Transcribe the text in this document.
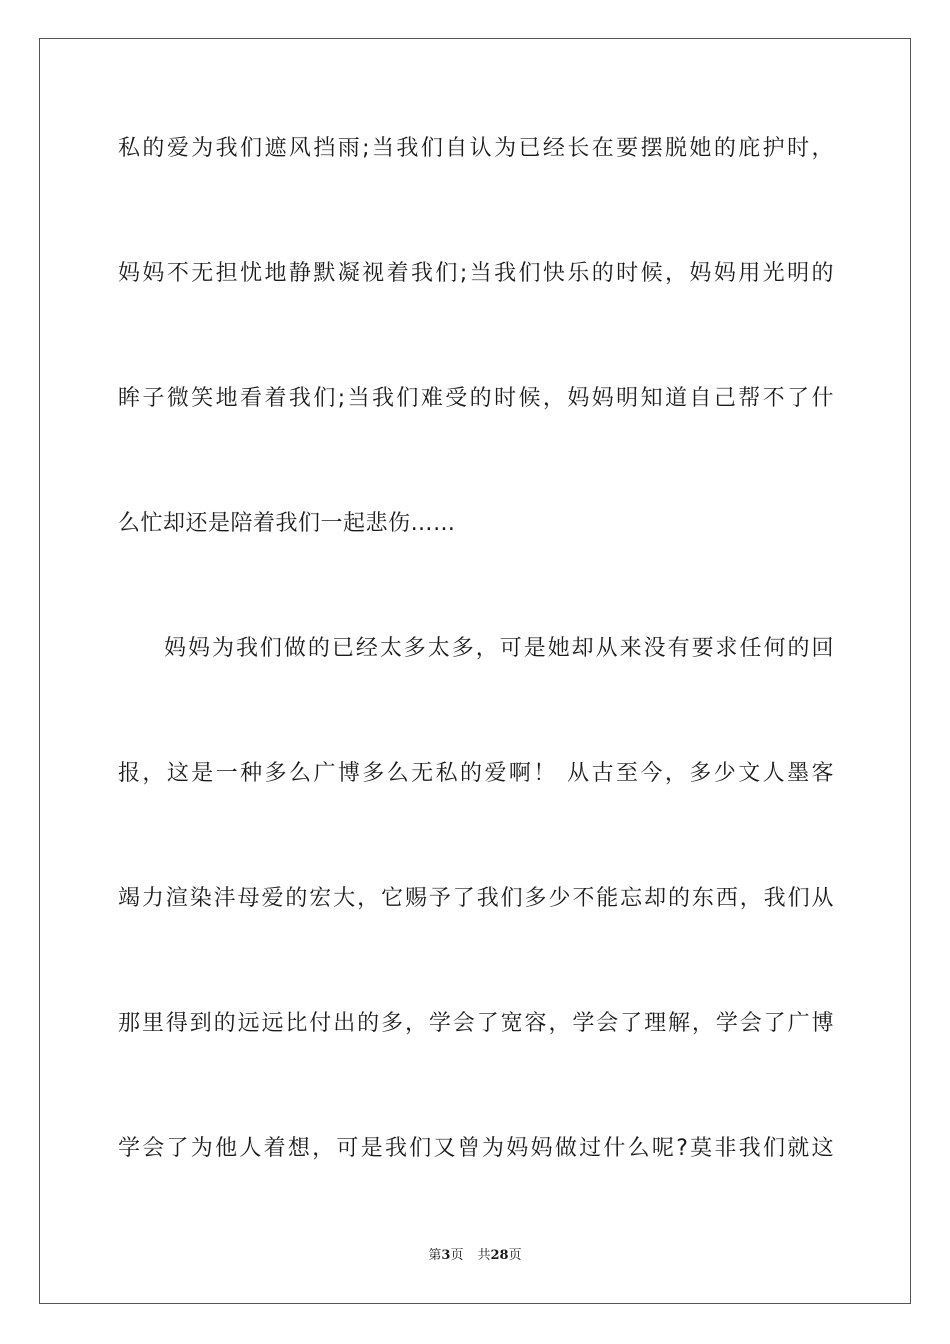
私的爱为我们遮风挡雨;当我们自认为已经长在要摆脱她的庇护时，
妈妈不无担忧地静默凝视着我们;当我们快乐的时候，妈妈用光明的
眸子微笑地看着我们;当我们难受的时候，妈妈明知道自己帮不了什
么忙却还是陪着我们一起悲伤……
妈妈为我们做的已经太多太多，可是她却从来没有要求任何的回
报，这是一种多么广博多么无私的爱啊！ 从古至今，多少文人墨客
竭力渲染沣母爱的宏大，它赐予了我们多少不能忘却的东西，我们从
那里得到的远远比付出的多，学会了宽容，学会了理解，学会了广博
学会了为他人着想，可是我们又曾为妈妈做过什么呢?莫非我们就这
第3页 共28页
